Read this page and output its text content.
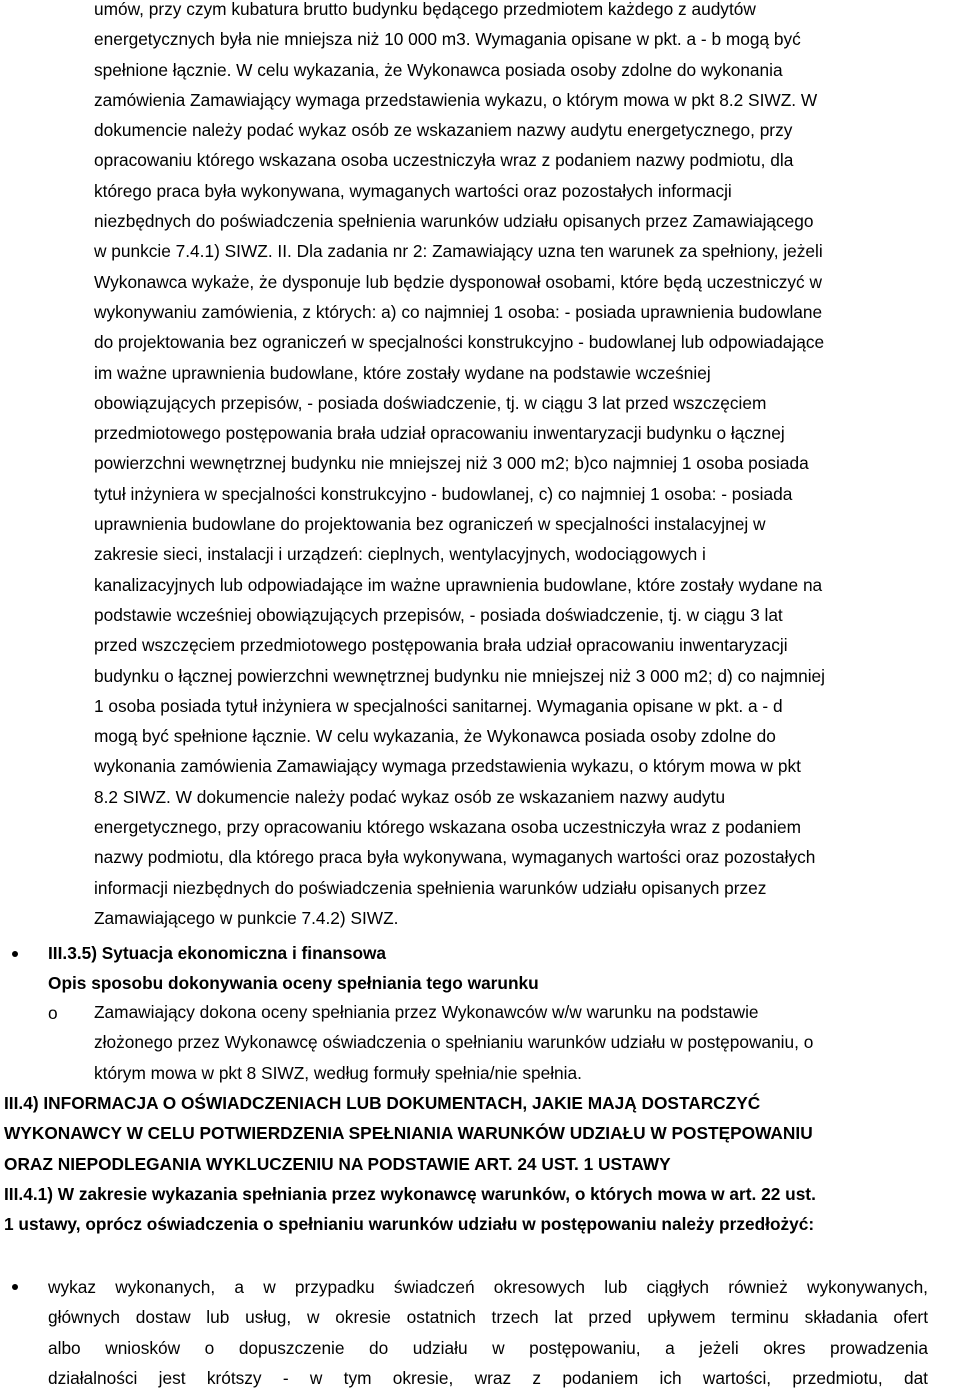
umów, przy czym kubatura brutto budynku będącego przedmiotem każdego z audytów
energetycznych była nie mniejsza niż 10 000 m3. Wymagania opisane w pkt. a - b mogą być
spełnione łącznie. W celu wykazania, że Wykonawca posiada osoby zdolne do wykonania
zamówienia Zamawiający wymaga przedstawienia wykazu, o którym mowa w pkt 8.2 SIWZ. W
dokumencie należy podać wykaz osób ze wskazaniem nazwy audytu energetycznego, przy
opracowaniu którego wskazana osoba uczestniczyła wraz z podaniem nazwy podmiotu, dla
którego praca była wykonywana, wymaganych wartości oraz pozostałych informacji
niezbędnych do poświadczenia spełnienia warunków udziału opisanych przez Zamawiającego
w punkcie 7.4.1) SIWZ. II. Dla zadania nr 2: Zamawiający uzna ten warunek za spełniony, jeżeli
Wykonawca wykaże, że dysponuje lub będzie dysponował osobami, które będą uczestniczyć w
wykonywaniu zamówienia, z których: a) co najmniej 1 osoba: - posiada uprawnienia budowlane
do projektowania bez ograniczeń w specjalności konstrukcyjno - budowlanej lub odpowiadające
im ważne uprawnienia budowlane, które zostały wydane na podstawie wcześniej
obowiązujących przepisów, - posiada doświadczenie, tj. w ciągu 3 lat przed wszczęciem
przedmiotowego postępowania brała udział opracowaniu inwentaryzacji budynku o łącznej
powierzchni wewnętrznej budynku nie mniejszej niż 3 000 m2; b)co najmniej 1 osoba posiada
tytuł inżyniera w specjalności konstrukcyjno - budowlanej, c) co najmniej 1 osoba: - posiada
uprawnienia budowlane do projektowania bez ograniczeń w specjalności instalacyjnej w
zakresie sieci, instalacji i urządzeń: cieplnych, wentylacyjnych, wodociągowych i
kanalizacyjnych lub odpowiadające im ważne uprawnienia budowlane, które zostały wydane na
podstawie wcześniej obowiązujących przepisów, - posiada doświadczenie, tj. w ciągu 3 lat
przed wszczęciem przedmiotowego postępowania brała udział opracowaniu inwentaryzacji
budynku o łącznej powierzchni wewnętrznej budynku nie mniejszej niż 3 000 m2; d) co najmniej
1 osoba posiada tytuł inżyniera w specjalności sanitarnej. Wymagania opisane w pkt. a - d
mogą być spełnione łącznie. W celu wykazania, że Wykonawca posiada osoby zdolne do
wykonania zamówienia Zamawiający wymaga przedstawienia wykazu, o którym mowa w pkt
8.2 SIWZ. W dokumencie należy podać wykaz osób ze wskazaniem nazwy audytu
energetycznego, przy opracowaniu którego wskazana osoba uczestniczyła wraz z podaniem
nazwy podmiotu, dla którego praca była wykonywana, wymaganych wartości oraz pozostałych
informacji niezbędnych do poświadczenia spełnienia warunków udziału opisanych przez
Zamawiającego w punkcie 7.4.2) SIWZ.
III.3.5) Sytuacja ekonomiczna i finansowa
Opis sposobu dokonywania oceny spełniania tego warunku
o Zamawiający dokona oceny spełniania przez Wykonawców w/w warunku na podstawie
złożonego przez Wykonawcę oświadczenia o spełnianiu warunków udziału w postępowaniu, o
którym mowa w pkt 8 SIWZ, według formuły spełnia/nie spełnia.
III.4) INFORMACJA O OŚWIADCZENIACH LUB DOKUMENTACH, JAKIE MAJĄ DOSTARCZYĆ
WYKONAWCY W CELU POTWIERDZENIA SPEŁNIANIA WARUNKÓW UDZIAŁU W POSTĘPOWANIU
ORAZ NIEPODLEGANIA WYKLUCZENIU NA PODSTAWIE ART. 24 UST. 1 USTAWY
III.4.1) W zakresie wykazania spełniania przez wykonawcę warunków, o których mowa w art. 22 ust.
1 ustawy, oprócz oświadczenia o spełnianiu warunków udziału w postępowaniu należy przedłożyć:
wykaz wykonanych, a w przypadku świadczeń okresowych lub ciągłych również wykonywanych,
głównych dostaw lub usług, w okresie ostatnich trzech lat przed upływem terminu składania ofert
albo wniosków o dopuszczenie do udziału w postępowaniu, a jeżeli okres prowadzenia
działalności jest krótszy - w tym okresie, wraz z podaniem ich wartości, przedmiotu, dat
